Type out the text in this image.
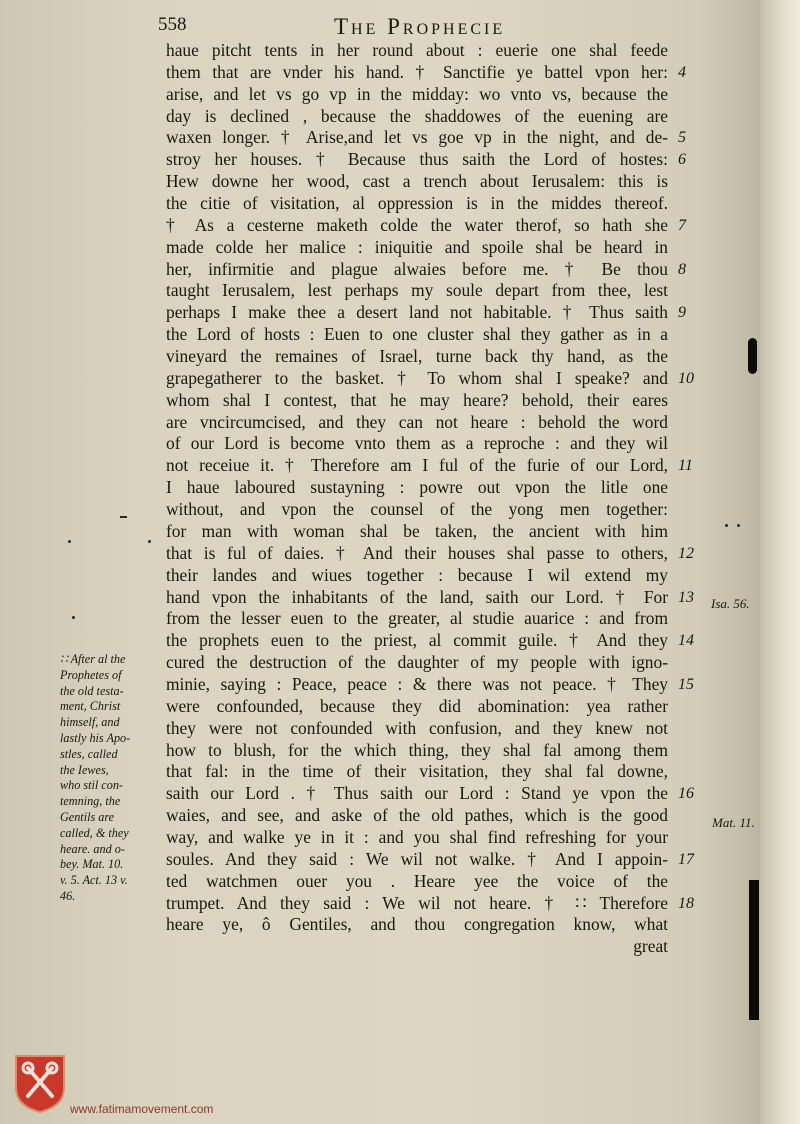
558	The Prophecie
haue pitcht tents in her round about : euerie one shal feede
them that are vnder his hand. † Sanctifie ye battel vpon her:
arise, and let vs go vp in the midday: wo vnto vs, because the
day is declined , because the shaddowes of the euening are
waxen longer. † Arise,and let vs goe vp in the night, and de-
stroy her houses. † Because thus saith the Lord of hostes:
Hew downe her wood, cast a trench about Ierusalem: this is
the citie of visitation, al oppression is in the middes thereof.
† As a cesterne maketh colde the water therof, so hath she
made colde her malice : iniquitie and spoile shal be heard in
her, infirmitie and plague alwaies before me. † Be thou
taught Ierusalem, lest perhaps my soule depart from thee, lest
perhaps I make thee a desert land not habitable. † Thus saith
the Lord of hosts : Euen to one cluster shal they gather as in a
vineyard the remaines of Israel, turne back thy hand, as the
grapegatherer to the basket. † To whom shal I speake? and
whom shal I contest, that he may heare? behold, their eares
are vncircumcised, and they can not heare : behold the word
of our Lord is become vnto them as a reproche : and they wil
not receiue it. † Therefore am I ful of the furie of our Lord,
I haue laboured sustayning : powre out vpon the litle one
without, and vpon the counsel of the yong men together:
for man with woman shal be taken, the ancient with him
that is ful of daies. † And their houses shal passe to others,
their landes and wiues together : because I wil extend my
hand vpon the inhabitants of the land, saith our Lord. † For
from the lesser euen to the greater, al studie auarice : and from
the prophets euen to the priest, al commit guile. † And they
cured the destruction of the daughter of my people with igno-
minie, saying : Peace, peace : & there was not peace. † They
were confounded, because they did abomination: yea rather
they were not confounded with confusion, and they knew not
how to blush, for the which thing, they shal fal among them
that fal: in the time of their visitation, they shal fal downe,
saith our Lord . † Thus saith our Lord : Stand ye vpon the
waies, and see, and aske of the old pathes, which is the good
way, and walke ye in it : and you shal find refreshing for your
soules. And they said : We wil not walke. † And I appoin-
ted watchmen ouer you . Heare yee the voice of the
trumpet. And they said : We wil not heare. † ∷ Therefore
heare ye, ô Gentiles, and thou congregation know, what
great
4
5
6
7
8
9
10
11
12
13
14
15
16
17
18
∷ After al the
Prophetes of
the old testa-
ment, Christ
himself, and
lastly his Apo-
stles, called
the Iewes,
who stil con-
temning, the
Gentils are
called, & they
heare. and o-
bey. Mat. 10.
v. 5. Act. 13 v.
46.
Isa. 56.
Mat. 11.
www.fatimamovement.com
